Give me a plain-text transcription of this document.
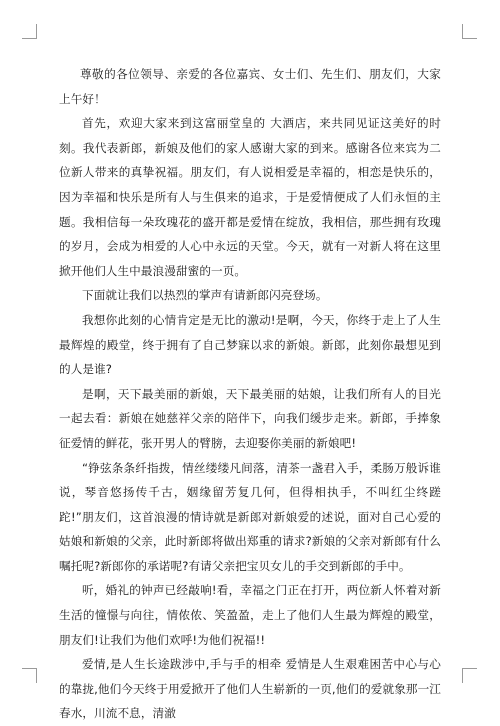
尊敬的各位领导、亲爱的各位嘉宾、女士们、先生们、朋友们，大家上午好！

首先，欢迎大家来到这富丽堂皇的 大酒店，来共同见证这美好的时刻。我代表新郎，新娘及他们的家人感谢大家的到来。感谢各位来宾为二位新人带来的真挚祝福。朋友们，有人说相爱是幸福的，相恋是快乐的，因为幸福和快乐是所有人与生俱来的追求，于是爱情便成了人们永恒的主题。我相信每一朵玫瑰花的盛开都是爱情在绽放，我相信，那些拥有玫瑰的岁月，会成为相爱的人心中永远的天堂。今天，就有一对新人将在这里掀开他们人生中最浪漫甜蜜的一页。

下面就让我们以热烈的掌声有请新郎闪亮登场。

我想你此刻的心情肯定是无比的激动!是啊，今天，你终于走上了人生最辉煌的殿堂，终于拥有了自己梦寐以求的新娘。新郎，此刻你最想见到的人是谁?

是啊，天下最美丽的新娘，天下最美丽的姑娘，让我们所有人的目光一起去看：新娘在她慈祥父亲的陪伴下，向我们缓步走来。新郎，手捧象征爱情的鲜花，张开男人的臂膀，去迎娶你美丽的新娘吧!

“铮弦条条纤指拨，情丝缕缕凡间落，清茶一盏君入手，柔肠万般诉谁说，琴音悠扬传千古，姻缘留芳复几何，但得相执手，不叫红尘终蹉跎!”朋友们，这首浪漫的情诗就是新郎对新娘爱的述说，面对自己心爱的姑娘和新娘的父亲，此时新郎将做出郑重的请求?新娘的父亲对新郎有什么嘱托呢?新郎你的承诺呢?有请父亲把宝贝女儿的手交到新郎的手中。

听，婚礼的钟声已经敲响!看，幸福之门正在打开，两位新人怀着对新生活的憧憬与向往，情侬侬、笑盈盈，走上了他们人生最为辉煌的殿堂，朋友们!让我们为他们欢呼!为他们祝福!!

爱情,是人生长途跋涉中,手与手的相牵 爱情是人生艰难困苦中心与心的靠拢,他们今天终于用爱掀开了他们人生崭新的一页,他们的爱就象那一江春水，川流不息，清澈
